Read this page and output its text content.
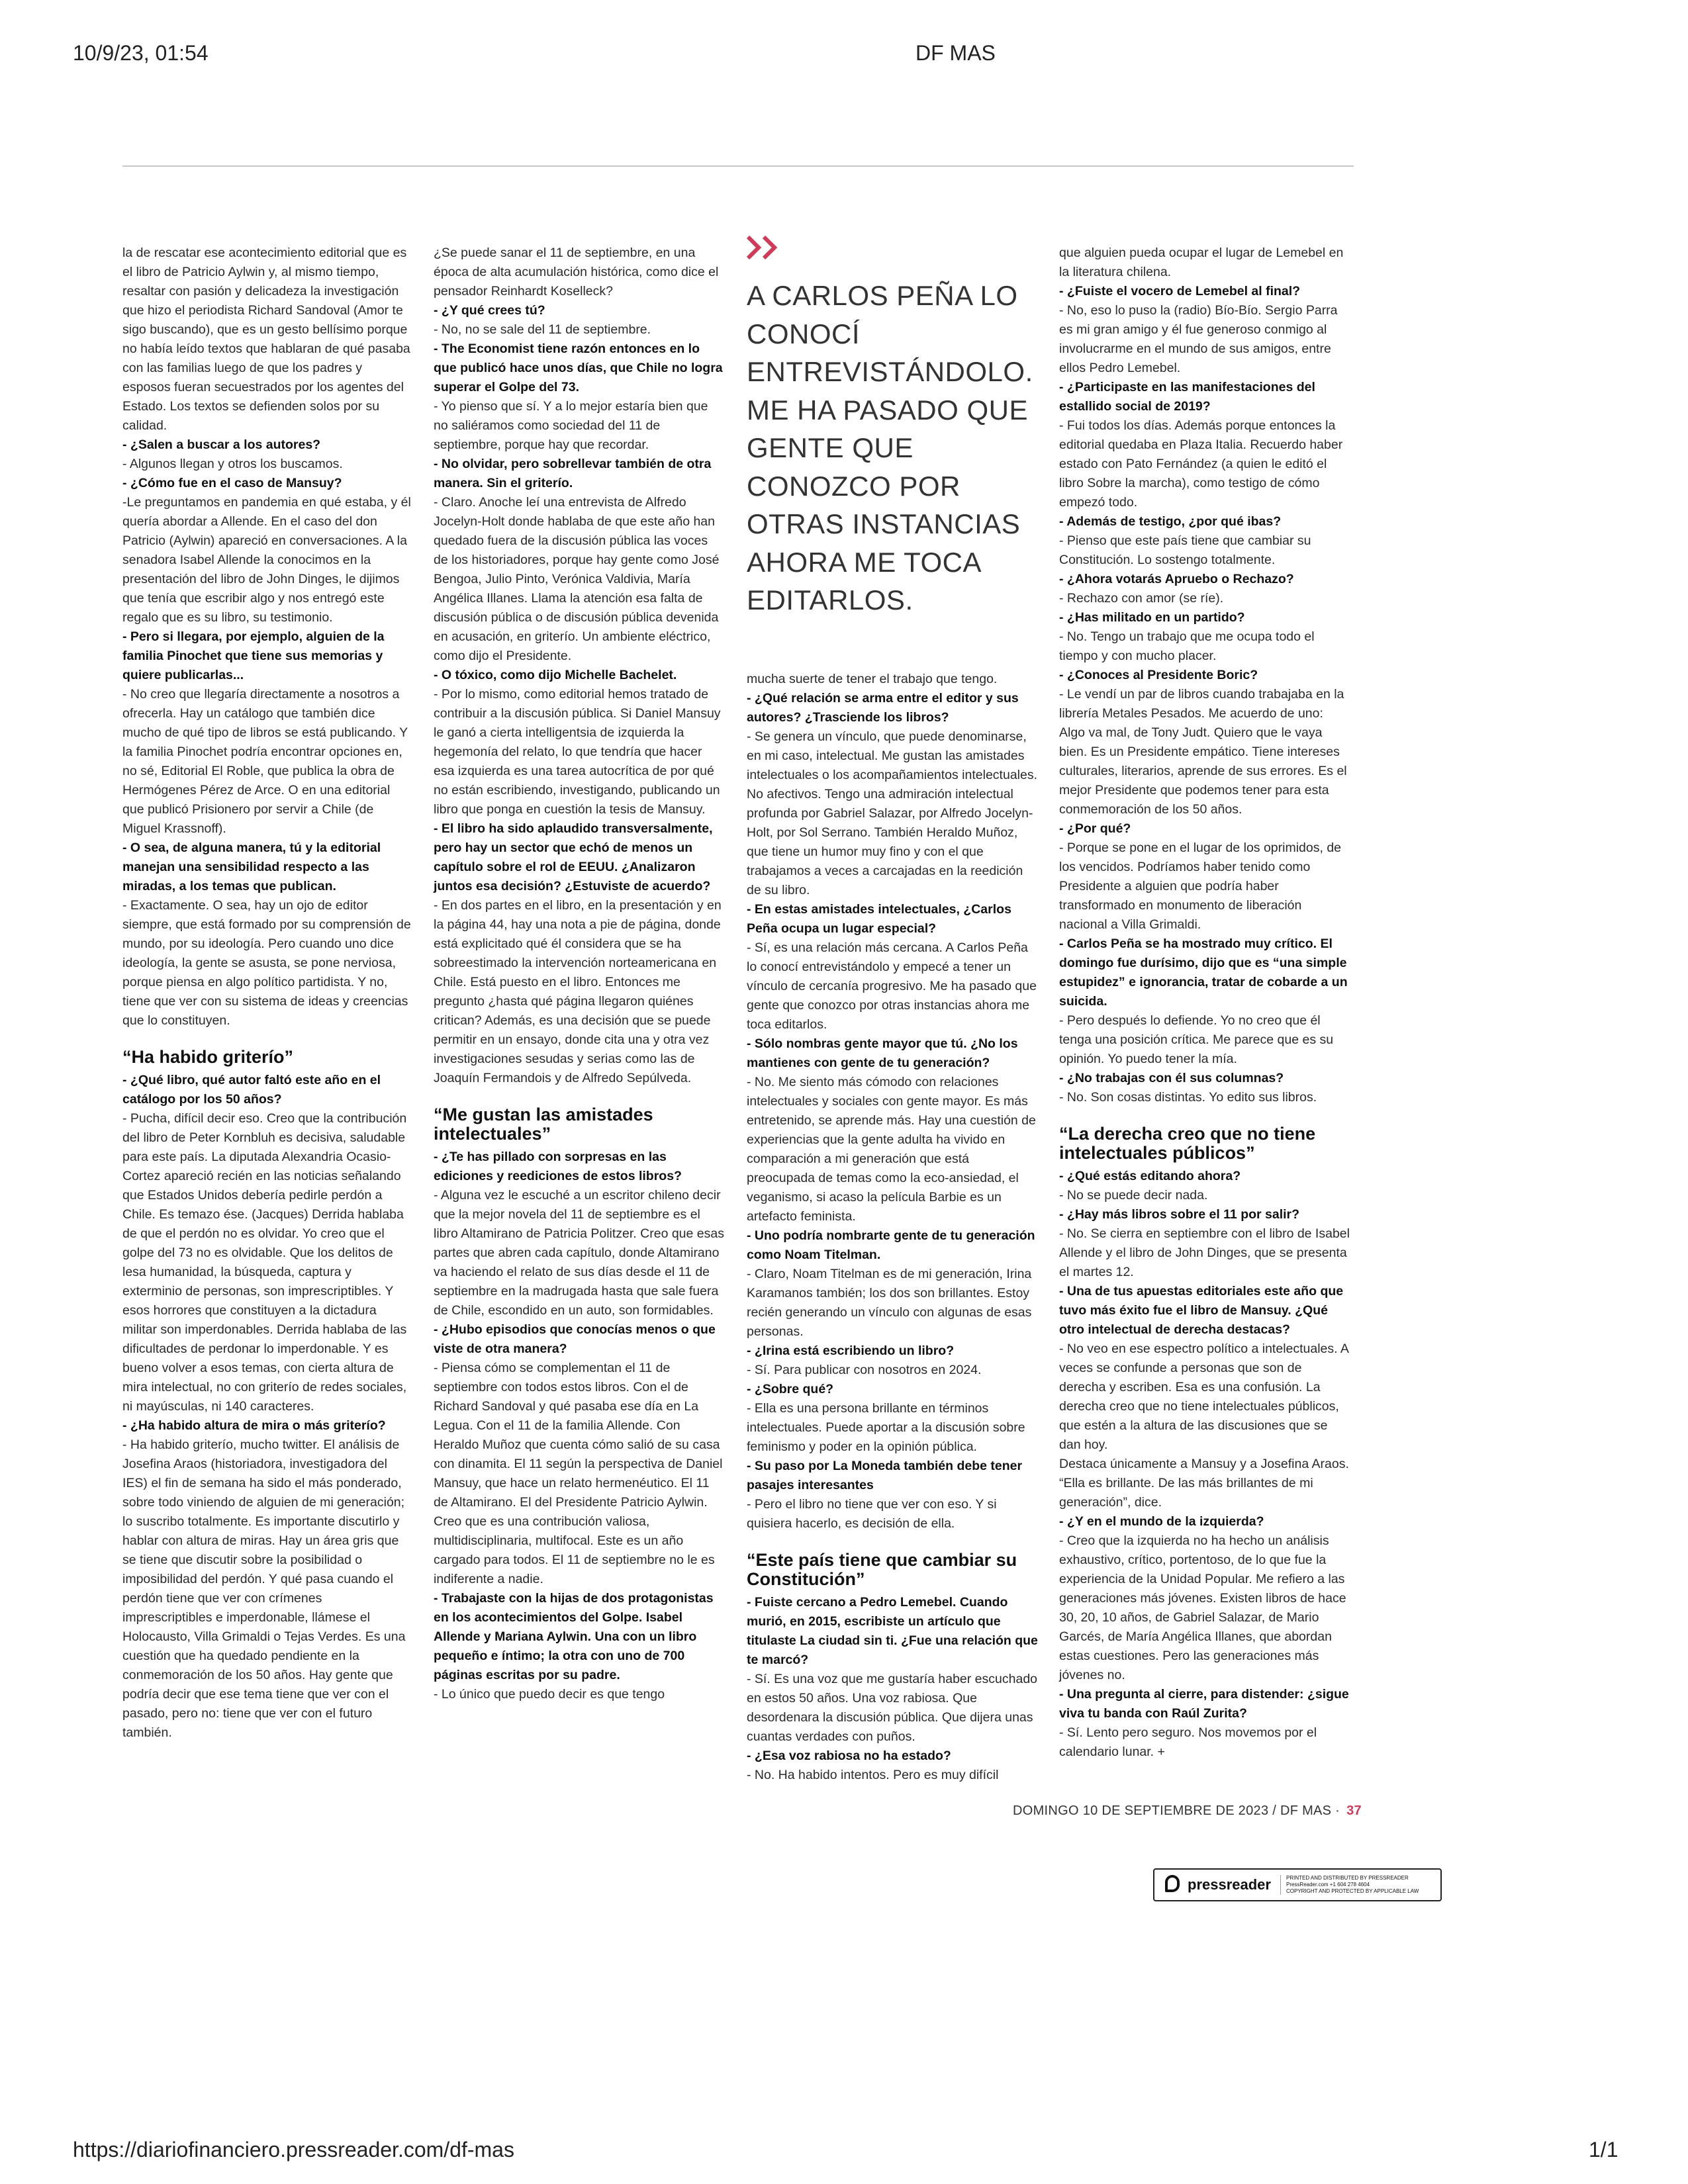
10/9/23, 01:54	DF MAS

la de rescatar ese acontecimiento editorial que es el libro de Patricio Aylwin y, al mismo tiempo, resaltar con pasión y delicadeza la investigación que hizo el periodista Richard Sandoval (Amor te sigo buscando), que es un gesto bellísimo porque no había leído textos que hablaran de qué pasaba con las familias luego de que los padres y esposos fueran secuestrados por los agentes del Estado. Los textos se defienden solos por su calidad.

- ¿Salen a buscar a los autores?

- Algunos llegan y otros los buscamos.

- ¿Cómo fue en el caso de Mansuy?

-Le preguntamos en pandemia en qué estaba, y él quería abordar a Allende. En el caso del don Patricio (Aylwin) apareció en conversaciones. A la senadora Isabel Allende la conocimos en la presentación del libro de John Dinges, le dijimos que tenía que escribir algo y nos entregó este regalo que es su libro, su testimonio.

- Pero si llegara, por ejemplo, alguien de la familia Pinochet que tiene sus memorias y quiere publicarlas...

- No creo que llegaría directamente a nosotros a ofrecerla. Hay un catálogo que también dice mucho de qué tipo de libros se está publicando. Y la familia Pinochet podría encontrar opciones en, no sé, Editorial El Roble, que publica la obra de Hermógenes Pérez de Arce. O en una editorial que publicó Prisionero por servir a Chile (de Miguel Krassnoff).

- O sea, de alguna manera, tú y la editorial manejan una sensibilidad respecto a las miradas, a los temas que publican.

- Exactamente. O sea, hay un ojo de editor siempre, que está formado por su comprensión de mundo, por su ideología. Pero cuando uno dice ideología, la gente se asusta, se pone nerviosa, porque piensa en algo político partidista. Y no, tiene que ver con su sistema de ideas y creencias que lo constituyen.

“Ha habido griterío”

- ¿Qué libro, qué autor faltó este año en el catálogo por los 50 años?

- Pucha, difícil decir eso. Creo que la contribución del libro de Peter Kornbluh es decisiva, saludable para este país. La diputada Alexandria Ocasio-Cortez apareció recién en las noticias señalando que Estados Unidos debería pedirle perdón a Chile. Es temazo ése. (Jacques) Derrida hablaba de que el perdón no es olvidar. Yo creo que el golpe del 73 no es olvidable. Que los delitos de lesa humanidad, la búsqueda, captura y exterminio de personas, son imprescriptibles. Y esos horrores que constituyen a la dictadura militar son imperdonables. Derrida hablaba de las dificultades de perdonar lo imperdonable. Y es bueno volver a esos temas, con cierta altura de mira intelectual, no con griterío de redes sociales, ni mayúsculas, ni 140 caracteres.

- ¿Ha habido altura de mira o más griterío?

- Ha habido griterío, mucho twitter. El análisis de Josefina Araos (historiadora, investigadora del IES) el fin de semana ha sido el más ponderado, sobre todo viniendo de alguien de mi generación; lo suscribo totalmente. Es importante discutirlo y hablar con altura de miras. Hay un área gris que se tiene que discutir sobre la posibilidad o imposibilidad del perdón. Y qué pasa cuando el perdón tiene que ver con crímenes imprescriptibles e imperdonable, llámese el Holocausto, Villa Grimaldi o Tejas Verdes. Es una cuestión que ha quedado pendiente en la conmemoración de los 50 años. Hay gente que podría decir que ese tema tiene que ver con el pasado, pero no: tiene que ver con el futuro también.

¿Se puede sanar el 11 de septiembre, en una época de alta acumulación histórica, como dice el pensador Reinhardt Koselleck?

- ¿Y qué crees tú?

- No, no se sale del 11 de septiembre.

- The Economist tiene razón entonces en lo que publicó hace unos días, que Chile no logra superar el Golpe del 73.

- Yo pienso que sí. Y a lo mejor estaría bien que no saliéramos como sociedad del 11 de septiembre, porque hay que recordar.

- No olvidar, pero sobrellevar también de otra manera. Sin el griterío.

- Claro. Anoche leí una entrevista de Alfredo Jocelyn-Holt donde hablaba de que este año han quedado fuera de la discusión pública las voces de los historiadores, porque hay gente como José Bengoa, Julio Pinto, Verónica Valdivia, María Angélica Illanes. Llama la atención esa falta de discusión pública o de discusión pública devenida en acusación, en griterío. Un ambiente eléctrico, como dijo el Presidente.

- O tóxico, como dijo Michelle Bachelet.

- Por lo mismo, como editorial hemos tratado de contribuir a la discusión pública. Si Daniel Mansuy le ganó a cierta intelligentsia de izquierda la hegemonía del relato, lo que tendría que hacer esa izquierda es una tarea autocrítica de por qué no están escribiendo, investigando, publicando un libro que ponga en cuestión la tesis de Mansuy.

- El libro ha sido aplaudido transversalmente, pero hay un sector que echó de menos un capítulo sobre el rol de EEUU. ¿Analizaron juntos esa decisión? ¿Estuviste de acuerdo?

- En dos partes en el libro, en la presentación y en la página 44, hay una nota a pie de página, donde está explicitado qué él considera que se ha sobreestimado la intervención norteamericana en Chile. Está puesto en el libro. Entonces me pregunto ¿hasta qué página llegaron quiénes critican? Además, es una decisión que se puede permitir en un ensayo, donde cita una y otra vez investigaciones sesudas y serias como las de Joaquín Fermandois y de Alfredo Sepúlveda.

“Me gustan las amistades intelectuales”

- ¿Te has pillado con sorpresas en las ediciones y reediciones de estos libros?

- Alguna vez le escuché a un escritor chileno decir que la mejor novela del 11 de septiembre es el libro Altamirano de Patricia Politzer. Creo que esas partes que abren cada capítulo, donde Altamirano va haciendo el relato de sus días desde el 11 de septiembre en la madrugada hasta que sale fuera de Chile, escondido en un auto, son formidables.

- ¿Hubo episodios que conocías menos o que viste de otra manera?

- Piensa cómo se complementan el 11 de septiembre con todos estos libros. Con el de Richard Sandoval y qué pasaba ese día en La Legua. Con el 11 de la familia Allende. Con Heraldo Muñoz que cuenta cómo salió de su casa con dinamita. El 11 según la perspectiva de Daniel Mansuy, que hace un relato hermenéutico. El 11 de Altamirano. El del Presidente Patricio Aylwin. Creo que es una contribución valiosa, multidisciplinaria, multifocal. Este es un año cargado para todos. El 11 de septiembre no le es indiferente a nadie.

- Trabajaste con la hijas de dos protagonistas en los acontecimientos del Golpe. Isabel Allende y Mariana Aylwin. Una con un libro pequeño e íntimo; la otra con uno de 700 páginas escritas por su padre.

- Lo único que puedo decir es que tengo

A CARLOS PEÑA LO CONOCÍ ENTREVISTÁNDOLO. ME HA PASADO QUE GENTE QUE CONOZCO POR OTRAS INSTANCIAS AHORA ME TOCA EDITARLOS.

mucha suerte de tener el trabajo que tengo.

- ¿Qué relación se arma entre el editor y sus autores? ¿Trasciende los libros?

- Se genera un vínculo, que puede denominarse, en mi caso, intelectual. Me gustan las amistades intelectuales o los acompañamientos intelectuales. No afectivos. Tengo una admiración intelectual profunda por Gabriel Salazar, por Alfredo Jocelyn-Holt, por Sol Serrano. También Heraldo Muñoz, que tiene un humor muy fino y con el que trabajamos a veces a carcajadas en la reedición de su libro.

- En estas amistades intelectuales, ¿Carlos Peña ocupa un lugar especial?

- Sí, es una relación más cercana. A Carlos Peña lo conocí entrevistándolo y empecé a tener un vínculo de cercanía progresivo. Me ha pasado que gente que conozco por otras instancias ahora me toca editarlos.

- Sólo nombras gente mayor que tú. ¿No los mantienes con gente de tu generación?

- No. Me siento más cómodo con relaciones intelectuales y sociales con gente mayor. Es más entretenido, se aprende más. Hay una cuestión de experiencias que la gente adulta ha vivido en comparación a mi generación que está preocupada de temas como la eco-ansiedad, el veganismo, si acaso la película Barbie es un artefacto feminista.

- Uno podría nombrarte gente de tu generación como Noam Titelman.

- Claro, Noam Titelman es de mi generación, Irina Karamanos también; los dos son brillantes. Estoy recién generando un vínculo con algunas de esas personas.

- ¿Irina está escribiendo un libro?

- Sí. Para publicar con nosotros en 2024.

- ¿Sobre qué?

- Ella es una persona brillante en términos intelectuales. Puede aportar a la discusión sobre feminismo y poder en la opinión pública.

- Su paso por La Moneda también debe tener pasajes interesantes

- Pero el libro no tiene que ver con eso. Y si quisiera hacerlo, es decisión de ella.

“Este país tiene que cambiar su Constitución”

- Fuiste cercano a Pedro Lemebel. Cuando murió, en 2015, escribiste un artículo que titulaste La ciudad sin ti. ¿Fue una relación que te marcó?

- Sí. Es una voz que me gustaría haber escuchado en estos 50 años. Una voz rabiosa. Que desordenara la discusión pública. Que dijera unas cuantas verdades con puños.

- ¿Esa voz rabiosa no ha estado?

- No. Ha habido intentos. Pero es muy difícil

que alguien pueda ocupar el lugar de Lemebel en la literatura chilena.

- ¿Fuiste el vocero de Lemebel al final?

- No, eso lo puso la (radio) Bío-Bío. Sergio Parra es mi gran amigo y él fue generoso conmigo al involucrarme en el mundo de sus amigos, entre ellos Pedro Lemebel.

- ¿Participaste en las manifestaciones del estallido social de 2019?

- Fui todos los días. Además porque entonces la editorial quedaba en Plaza Italia. Recuerdo haber estado con Pato Fernández (a quien le editó el libro Sobre la marcha), como testigo de cómo empezó todo.

- Además de testigo, ¿por qué ibas?

- Pienso que este país tiene que cambiar su Constitución. Lo sostengo totalmente.

- ¿Ahora votarás Apruebo o Rechazo?

- Rechazo con amor (se ríe).

- ¿Has militado en un partido?

- No. Tengo un trabajo que me ocupa todo el tiempo y con mucho placer.

- ¿Conoces al Presidente Boric?

- Le vendí un par de libros cuando trabajaba en la librería Metales Pesados. Me acuerdo de uno: Algo va mal, de Tony Judt. Quiero que le vaya bien. Es un Presidente empático. Tiene intereses culturales, literarios, aprende de sus errores. Es el mejor Presidente que podemos tener para esta conmemoración de los 50 años.

- ¿Por qué?

- Porque se pone en el lugar de los oprimidos, de los vencidos. Podríamos haber tenido como Presidente a alguien que podría haber transformado en monumento de liberación nacional a Villa Grimaldi.

- Carlos Peña se ha mostrado muy crítico. El domingo fue durísimo, dijo que es “una simple estupidez” e ignorancia, tratar de cobarde a un suicida.

- Pero después lo defiende. Yo no creo que él tenga una posición crítica. Me parece que es su opinión. Yo puedo tener la mía.

- ¿No trabajas con él sus columnas?

- No. Son cosas distintas. Yo edito sus libros.

“La derecha creo que no tiene intelectuales públicos”

- ¿Qué estás editando ahora?

- No se puede decir nada.

- ¿Hay más libros sobre el 11 por salir?

- No. Se cierra en septiembre con el libro de Isabel Allende y el libro de John Dinges, que se presenta el martes 12.

- Una de tus apuestas editoriales este año que tuvo más éxito fue el libro de Mansuy. ¿Qué otro intelectual de derecha destacas?

- No veo en ese espectro político a intelectuales. A veces se confunde a personas que son de derecha y escriben. Esa es una confusión. La derecha creo que no tiene intelectuales públicos, que estén a la altura de las discusiones que se dan hoy.

Destaca únicamente a Mansuy y a Josefina Araos. “Ella es brillante. De las más brillantes de mi generación”, dice.

- ¿Y en el mundo de la izquierda?

- Creo que la izquierda no ha hecho un análisis exhaustivo, crítico, portentoso, de lo que fue la experiencia de la Unidad Popular. Me refiero a las generaciones más jóvenes. Existen libros de hace 30, 20, 10 años, de Gabriel Salazar, de Mario Garcés, de María Angélica Illanes, que abordan estas cuestiones. Pero las generaciones más jóvenes no.

- Una pregunta al cierre, para distender: ¿sigue viva tu banda con Raúl Zurita?

- Sí. Lento pero seguro. Nos movemos por el calendario lunar. +

DOMINGO 10 DE SEPTIEMBRE DE 2023 / DF MAS · 37
pressreader	PRINTED AND DISTRIBUTED BY PRESSREADER
PressReader.com +1 604 278 4604
COPYRIGHT AND PROTECTED BY APPLICABLE LAW
https://diariofinanciero.pressreader.com/df-mas	1/1
